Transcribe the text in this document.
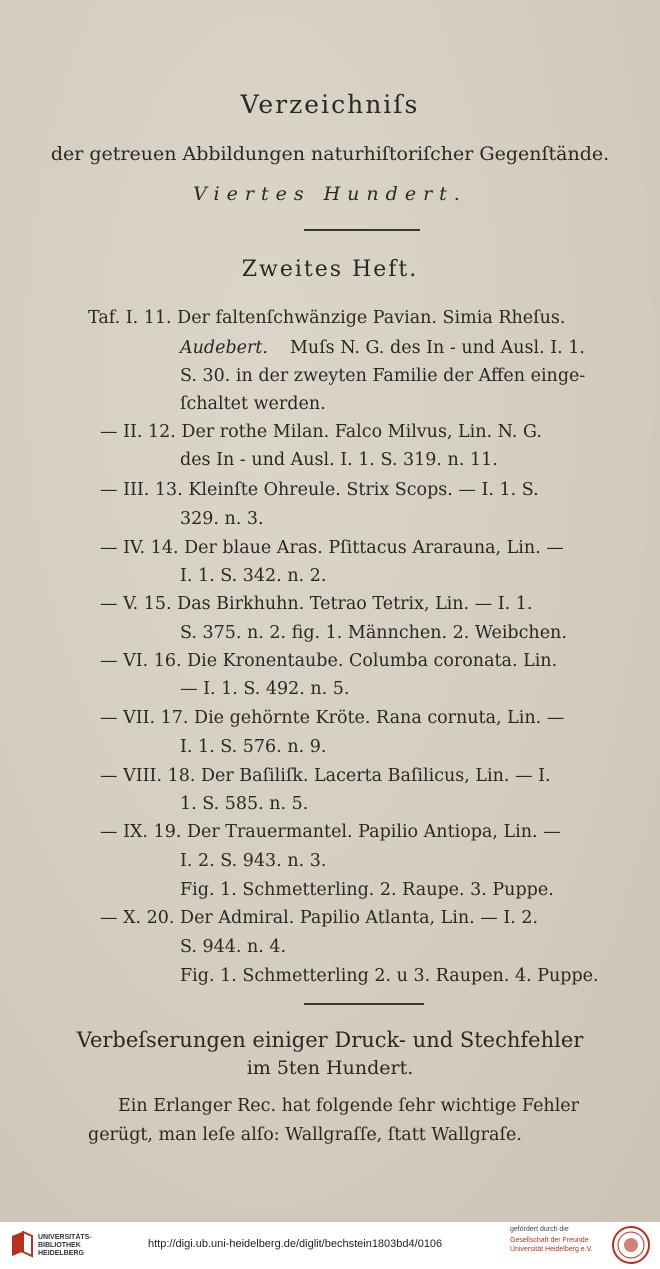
Verzeichniſs
der getreuen Abbildungen naturhiſtoriſcher Gegenſtände.
Viertes Hundert.
Zweites Heft.
Taf. I. 11. Der faltenſchwänzige Pavian. Simia Rheſus.
Audebert. Muſs N. G. des In - und Ausl. I. 1.
S. 30. in der zweyten Familie der Affen einge-
ſchaltet werden.
— II. 12. Der rothe Milan. Falco Milvus, Lin. N. G.
des In - und Ausl. I. 1. S. 319. n. 11.
— III. 13. Kleinſte Ohreule. Strix Scops. — I. 1. S.
329. n. 3.
— IV. 14. Der blaue Aras. Pſittacus Ararauna, Lin. —
I. 1. S. 342. n. 2.
— V. 15. Das Birkhuhn. Tetrao Tetrix, Lin. — I. 1.
S. 375. n. 2. fig. 1. Männchen. 2. Weibchen.
— VI. 16. Die Kronentaube. Columba coronata. Lin.
— I. 1. S. 492. n. 5.
— VII. 17. Die gehörnte Kröte. Rana cornuta, Lin. —
I. 1. S. 576. n. 9.
— VIII. 18. Der Baſiliſk. Lacerta Baſilicus, Lin. — I.
1. S. 585. n. 5.
— IX. 19. Der Trauermantel. Papilio Antiopa, Lin. —
I. 2. S. 943. n. 3.
Fig. 1. Schmetterling. 2. Raupe. 3. Puppe.
— X. 20. Der Admiral. Papilio Atlanta, Lin. — I. 2.
S. 944. n. 4.
Fig. 1. Schmetterling 2. u 3. Raupen. 4. Puppe.
Verbeſserungen einiger Druck- und Stechfehler
im 5ten Hundert.
Ein Erlanger Rec. hat folgende ſehr wichtige Fehler
gerügt, man leſe alſo: Wallgraſſe, ſtatt Wallgraſe.
UNIVERSITÄTS-
BIBLIOTHEK
HEIDELBERG
http://digi.ub.uni-heidelberg.de/diglit/bechstein1803bd4/0106
gefördert durch die
Gesellschaft der Freunde
Universität Heidelberg e.V.
